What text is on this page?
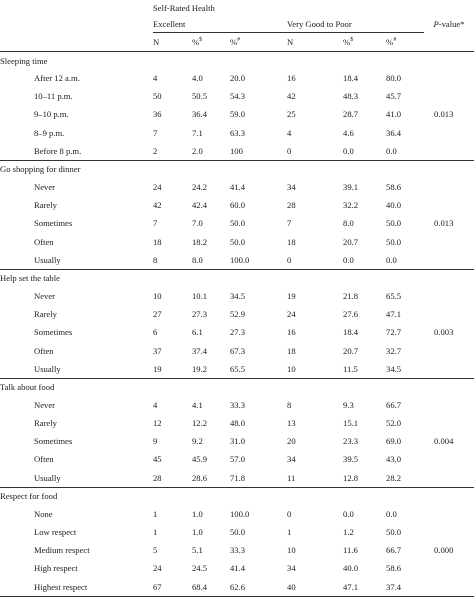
	Self-Rated Health						
	Excellent			Very Good to Poor			P-value*
	N	%$	%#	N	%$	%#	
Sleeping time							
After 12 a.m.	4	4.0	20.0	16	18.4	80.0	
10–11 p.m.	50	50.5	54.3	42	48.3	45.7	
9–10 p.m.	36	36.4	59.0	25	28.7	41.0	0.013
8–9 p.m.	7	7.1	63.3	4	4.6	36.4	
Before 8 p.m.	2	2.0	100	0	0.0	0.0	
Go shopping for dinner							
Never	24	24.2	41.4	34	39.1	58.6	
Rarely	42	42.4	60.0	28	32.2	40.0	
Sometimes	7	7.0	50.0	7	8.0	50.0	0.013
Often	18	18.2	50.0	18	20.7	50.0	
Usually	8	8.0	100.0	0	0.0	0.0	
Help set the table							
Never	10	10.1	34.5	19	21.8	65.5	
Rarely	27	27.3	52.9	24	27.6	47.1	
Sometimes	6	6.1	27.3	16	18.4	72.7	0.003
Often	37	37.4	67.3	18	20.7	32.7	
Usually	19	19.2	65.5	10	11.5	34.5	
Talk about food							
Never	4	4.1	33.3	8	9.3	66.7	
Rarely	12	12.2	48.0	13	15.1	52.0	
Sometimes	9	9.2	31.0	20	23.3	69.0	0.004
Often	45	45.9	57.0	34	39.5	43.0	
Usually	28	28.6	71.8	11	12.8	28.2	
Respect for food							
None	1	1.0	100.0	0	0.0	0.0	
Low respect	1	1.0	50.0	1	1.2	50.0	
Medium respect	5	5.1	33.3	10	11.6	66.7	0.000
High respect	24	24.5	41.4	34	40.0	58.6	
Highest respect	67	68.4	62.6	40	47.1	37.4	
